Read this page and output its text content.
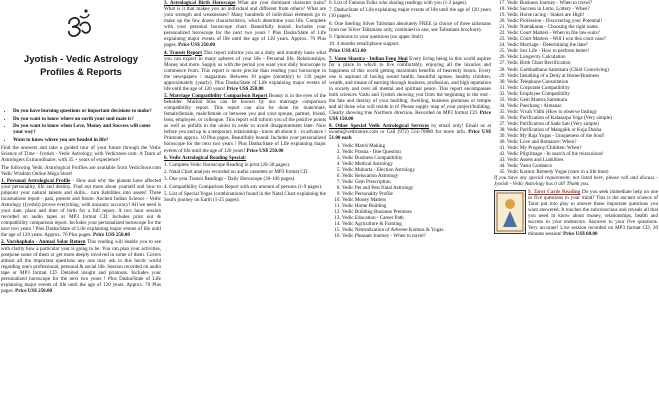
Jyotish - Vedic Astrology
Profiles & Reports
• Do you have burning questions or important decisions to make?
• Do you want to know where on earth your soul mate is?
• Do you want to know when Love, Money and Success will come your way?
• Want to know where you are headed in life?

Find the answers and take a guided tour of your future through the Vedic Science of Time - Jyotish - Vedic Astrology, with Vedicstore.com: A Team of Astrologers Extraordinaire, with 35 + years of experience!

The following Vedic Astrological Profiles are available from VedicStore.com Vedic Wisdom Online Mega Store!

1. Personal Astrological Profile - How and why the planets have affected your personality, life and destiny. Find out more about yourself and how to pinpoint your natural talents and skills... turn liabilities into assets! Three incarnations report - past, present and future. Ancient Indian Science - Vedic Astrology (Jyotish) proves everything, with uncanny accuracy! All we need is your date, place and time of birth for a full report. A two hour session recorded on audio tapes or MP3 format CD. Includes print out & compatibility comparison report. Includes your personalized horoscope for the next two years ! Plus Dasha/State of Life explaining major events of life until the age of 120 years. Approx. 70 Plus pages. Price US$ 250.00

2. Varshaphala - Annual Solar Return This reading will enable you to see with clarity how a particular year is going to be. You can plan your activities, postpone some of them or get more deeply involved in some of them. Covers almost all the important questions any one may ask in this hectic world regarding one's professional, personal & social life. Session recorded on audio tape or MP3 format CD. Detailed insight and printouts. Includes your personalized horoscope for the next two years ! Plus Dasha/State of Life explaining major events of life until the age of 120 years. Approx. 70 Plus pages. Price US$ 250.00

3. Astrological Birth Horoscope What are your dominant character traits? What is it that makes you an individual and different from others? What are your strength and weaknesses? Many hundreds of individual elements go to make up the few dozen characteristics, which determine your life. Complete with your personal horoscope chart. Beautifully bound. Includes your personalized horoscope for the next two years ! Plus Dasha/State of Life explaining major events of life until the age of 120 years. Approx. 70 Plus pages. Price US$ 250.00

4. Transit Report This report informs you on a daily and monthly basis what you can expect in many spheres of your life - Personal life, Relationships, Money and more. Supply us with the period you want your daily horoscope to commence from. This report is more precise than reading your horoscope in the newspapers / magazines. Between 10 pages (monthly) to 120 pages approximately (yearly). Plus Dasha/State of Life explaining major events of life until the age of 120 years! Price US$ 250.00

5. Marriage Compatibility Comparison Report Beauty is in the eyes of the beholder. Marital bliss can be known by our marriage comparison compatibility report. This report can also be done for male/male, female/female, male/female or between you and your spouse, partner, friend, boss, employee, or colleague. This report will inform you of the positive points as well as pitfalls in the union in order to avoid disappointment later. Now before you end up in a temporary relationship - know all about it - in advance ! Printouts approx. 10 Plus pages. Beautifully bound. Includes your personalized horoscope for the next two years ! Plus Dasha/State of Life explaining major events of life until the age of 120 years! Price US$ 250.00

6. Vedic Astrological Reading Special:

1. Complete Vedic Horoscope Reading in print (20-30 pages).

2. Natal Chart analysis recorded on audio cassettes or MP3 format CD.

3. One year Transit Readings - Daily Horoscope (30-100 pages).

4. Compatibility Comparison Report with any amount of persons (1-9 pages).

5. List of Special Yogas (combinations) found in the Natal Chart explaining the Soul's journey on Earth (1-25 pages).

6. List of Famous Folks who sharing readings with you (1-2 pages).

7. Dasha/State of Life explaining major events of life until the age of 120 years (10 pages).

8. One Sterling Silver Talisman absolutely FREE (a choice of three talismans from our Silver Talismans only, combined in one, see Talismans brochure).

9. Opinions to your questions (no upper limit)

10. 4 months email/phone support.

Price US$ 451.00

7. Vastu Shastra - Indian Feng Shui Every living being in this world aspires for a place in which to live comfortably, enjoying all the luxuries and happiness of this world getting maximum benefits of heavenly boons. Every one is aspirant of having sound health, beautiful spouse, healthy children, wealth, and means of earning through business, profession, and high reputation in society and over all mental and spiritual peace. This report encompasses both sciences Vastu and Jyotish showing you from the beginning to the end - the fate and destiny of your building, dwelling, business premises or temple and all those who will reside in it! Please supply map of your project/building. Clearly showing true Northern direction. Recorded on MP3 format CD. Price US$ 150.00

8. Other Special Vedic Astrological Services by email only! Email us at swami@vedicstore.com or Call (972) 514-70880 for more info. Price US$ 51.00 each

1. Vedic Match Making
2. Vedic Prasna - One Question
3. Vedic Business Compatibility
4. Vedic Medical Astrology
5. Vedic Muhurta - Election Astrology
6. Vedic Relocation Astrology
7. Vedic Gem Prescription
8. Vedic Pet and Pest Natal Astrology
9. Vedic Personality Profile
10. Vedic Money Matters
11. Vedic Home Building
12. Vedic Building Business Premises
13. Vedic Education - Career Path
14. Vedic Agriculture & Farming
15. Vedic Neutralization of Adverse Karmas & Yogas
16. Vedic Pleasant Journey - When to travel?
17. Vedic Business Journey - When to travel?
18. Vedic Success in Lotto, Lottery - When?
19. Vedic Horse racing - Stakes are High!
20. Vedic Profession - Discovering your Potential!
21. Vedic Namakaran - Choosing the right name.
22. Vedic Court Matters - When to file law-suits?
23. Vedic Court Matters - Will I win this court case?
24. Vedic Marriage - Determining the date?
25. Vedic Sex Life - How to perform better!
26. Vedic Longevity Calculation
27. Vedic Birth Chart Rectification
28. Vedic Garbhadhana Samskara (Child Conceiving)
29. Vedic Installing of a Deity at Home/Business
30. Vedic Telephone Consultation
31. Vedic Corporate Compatibility
32. Vedic Employee Compatibility
33. Vedic Gem Mantra Samskara
34. Vedic Panchang / Almanac
35. Vedic Vivah Vidhi (How to observe fasting)
36. Vedic Purification of Kalasarpa Yoga (Very simple)
37. Vedic Purification of Sade Sati (Very simple)
38. Vedic Purification of Mangalik or Kuja Dosha
39. Vedic My Raja Yogas - Uniqueness of the Soul!
40. Vedic Love and Romance: When?
41. Vedic My Progeny/Children: When?
42. Vedic Pilgrimage - In search of the miraculous!
43. Vedic Assets and Liabilities
44. Vedic Vastu Guidance
45. Vedic Karmic Remedy Yogas (once in a life time)

If you have any special requirement, not listed here, please call and discuss - Jyotish - Vedic Astrology has it all! Thank you.

9. Tarot Cards Reading Do you seek immediate help on one or five questions in your mind? This is the ancient science of Tarot put into play to answer those important questions you want answered. It touches the subconscious and reveals all that you need to know about money, relationships, health and success in your endeavors. Answers to your five questions. Very accurate! Live session recorded on MP3 format CD, 30 minutes session! Price US$ 60.00
